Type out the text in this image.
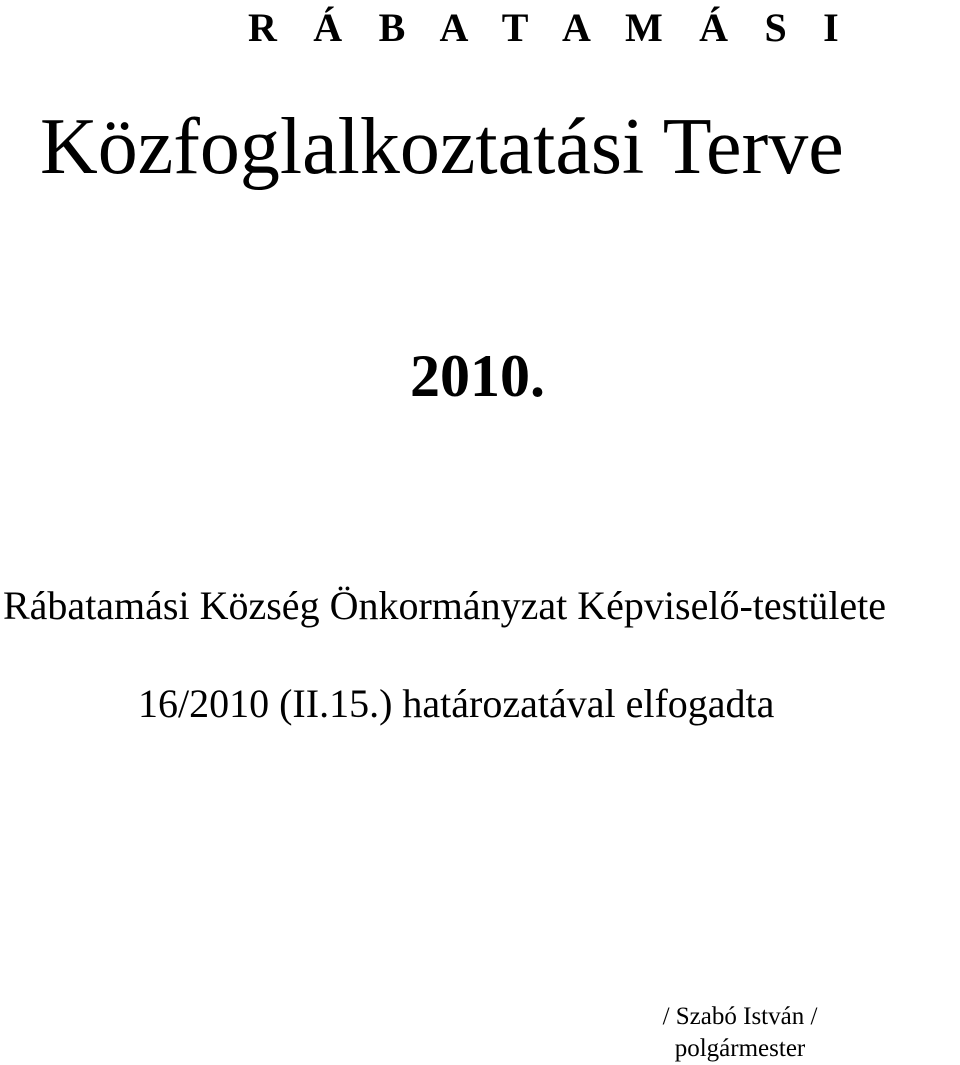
R Á B A T A M Á S I
Közfoglalkoztatási Terve
2010.

Rábatamási Község Önkormányzat Képviselő-testülete

16/2010 (II.15.) határozatával elfogadta

/ Szabó István /
polgármester
